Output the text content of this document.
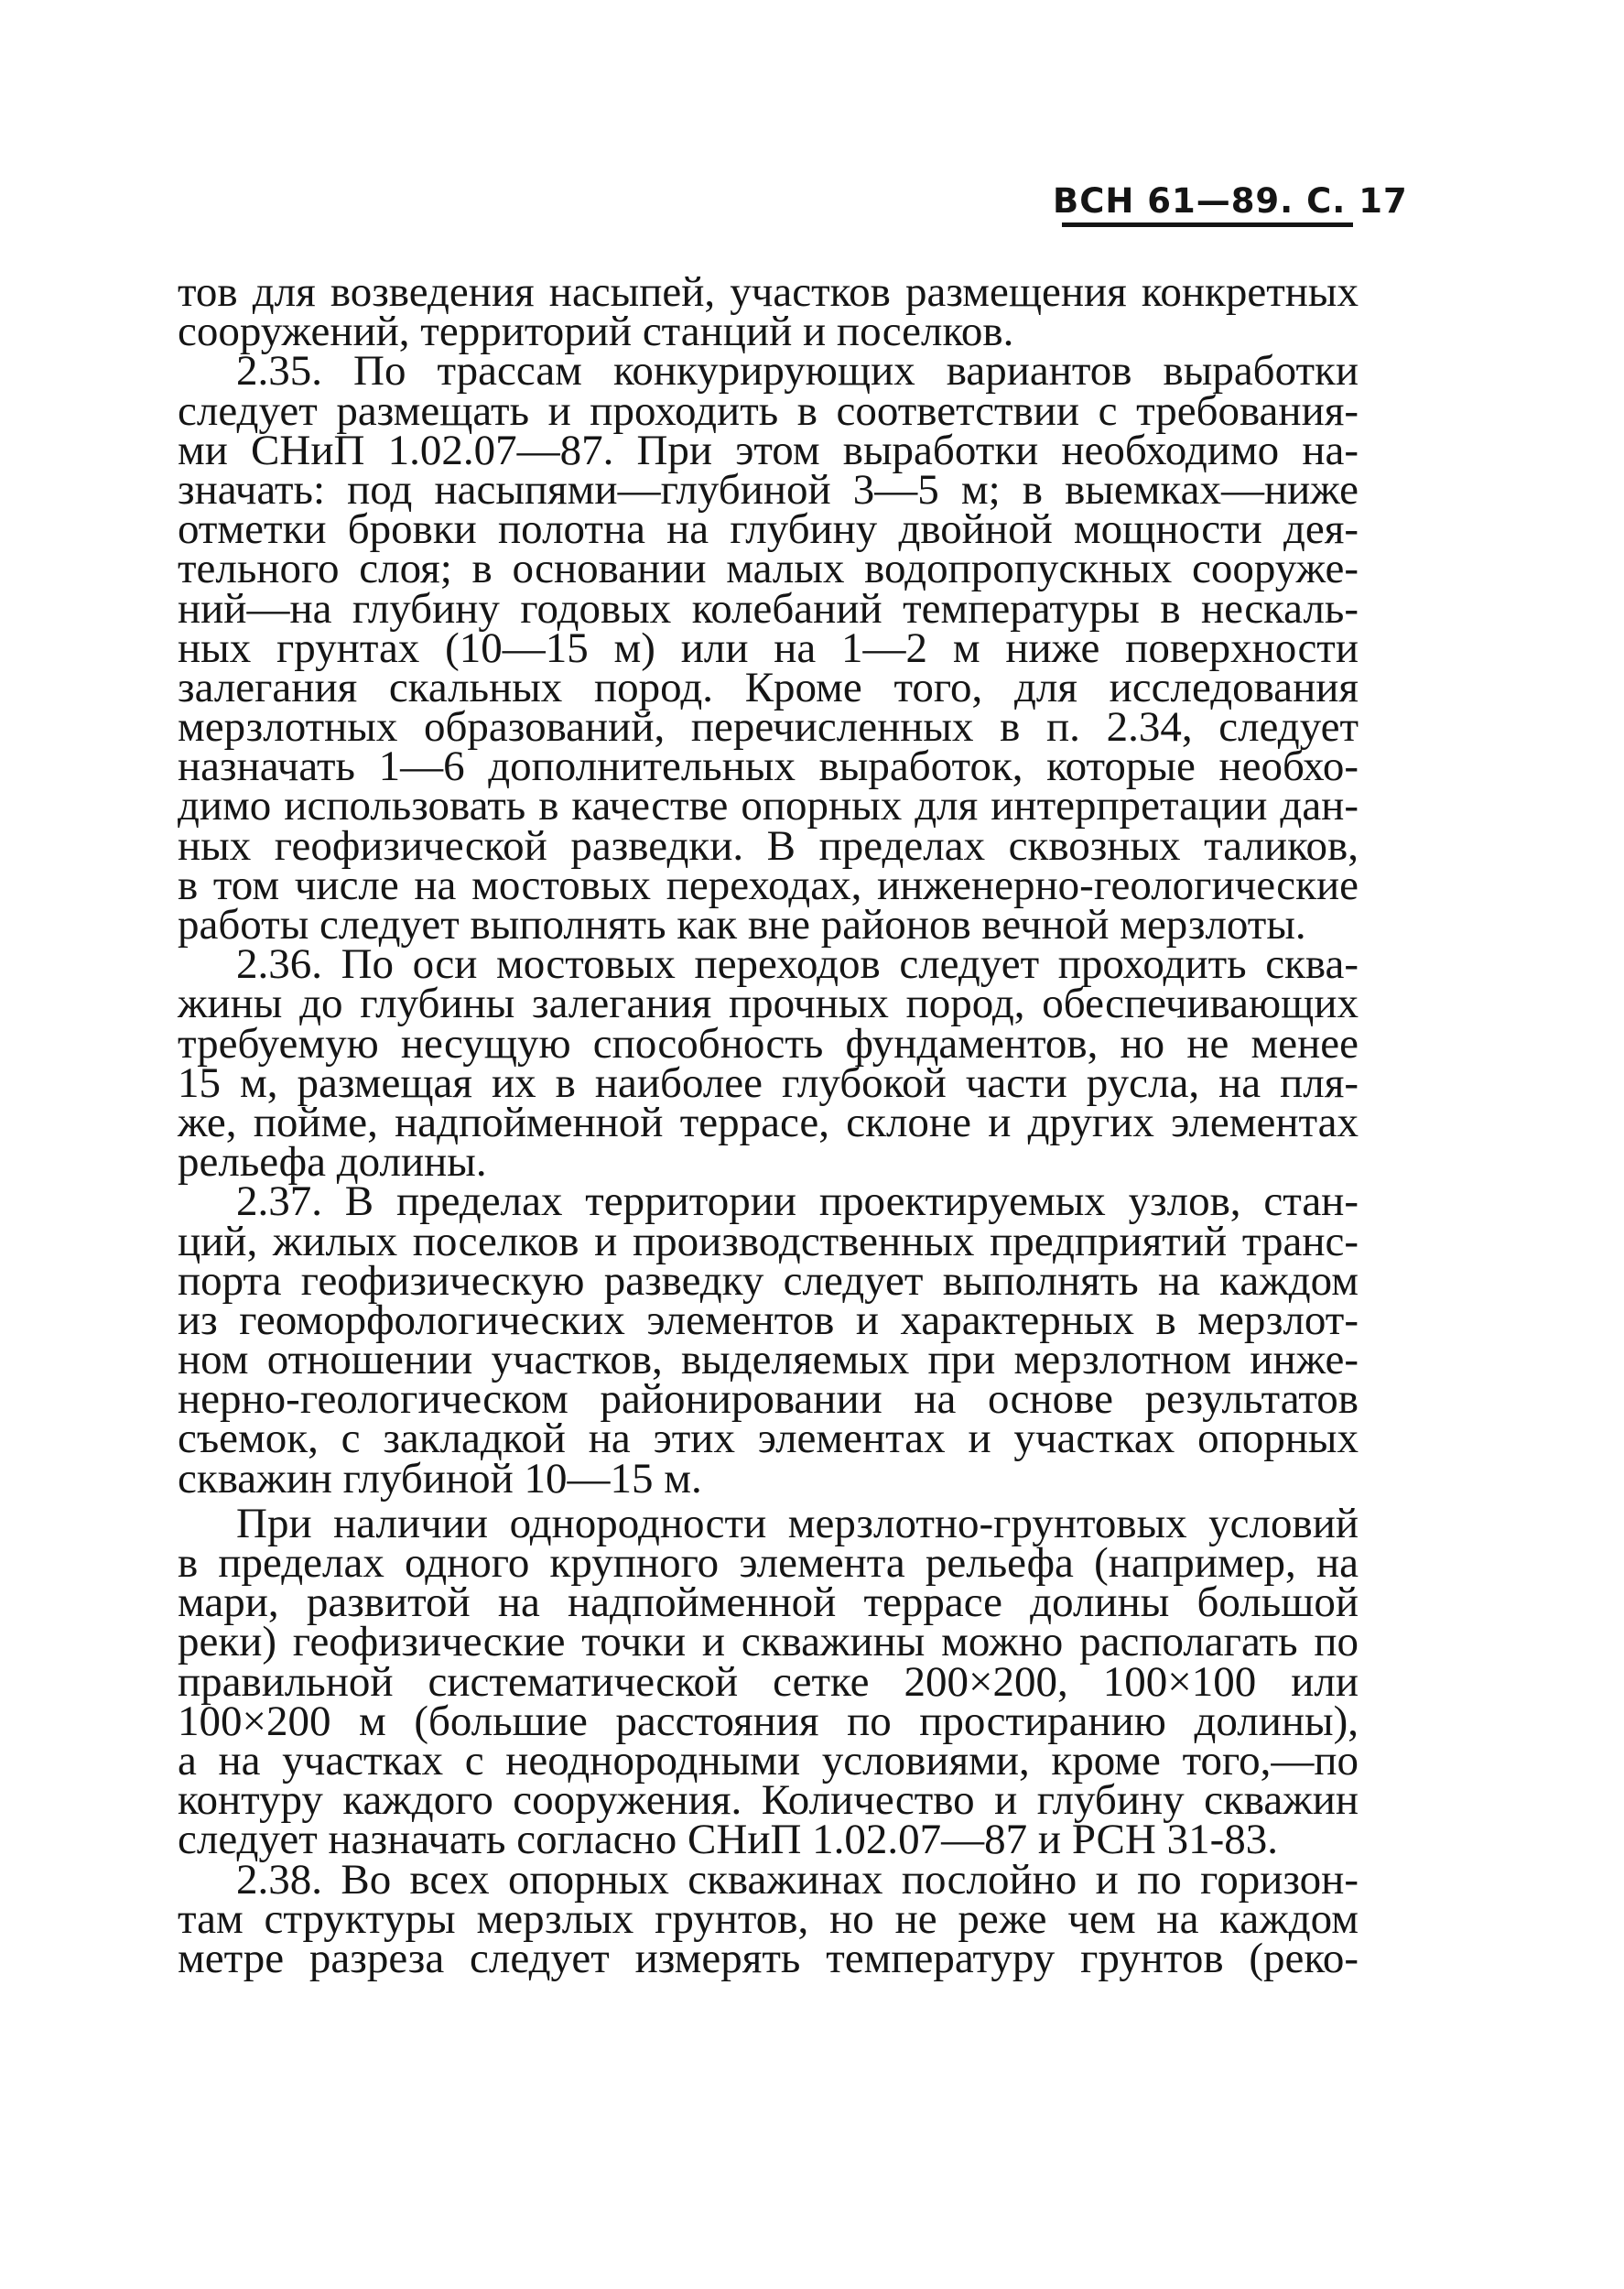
ВСН 61—89. С. 17
тов для возведения насыпей, участков размещения конкретных
сооружений, территорий станций и поселков.
2.35. По трассам конкурирующих вариантов выработки
следует размещать и проходить в соответствии с требования-
ми СНиП 1.02.07—87. При этом выработки необходимо на-
значать: под насыпями—глубиной 3—5 м; в выемках—ниже
отметки бровки полотна на глубину двойной мощности дея-
тельного слоя; в основании малых водопропускных сооруже-
ний—на глубину годовых колебаний температуры в нескаль-
ных грунтах (10—15 м) или на 1—2 м ниже поверхности
залегания скальных пород. Кроме того, для исследования
мерзлотных образований, перечисленных в п. 2.34, следует
назначать 1—6 дополнительных выработок, которые необхо-
димо использовать в качестве опорных для интерпретации дан-
ных геофизической разведки. В пределах сквозных таликов,
в том числе на мостовых переходах, инженерно-геологические
работы следует выполнять как вне районов вечной мерзлоты.
2.36. По оси мостовых переходов следует проходить сква-
жины до глубины залегания прочных пород, обеспечивающих
требуемую несущую способность фундаментов, но не менее
15 м, размещая их в наиболее глубокой части русла, на пля-
же, пойме, надпойменной террасе, склоне и других элементах
рельефа долины.
2.37. В пределах территории проектируемых узлов, стан-
ций, жилых поселков и производственных предприятий транс-
порта геофизическую разведку следует выполнять на каждом
из геоморфологических элементов и характерных в мерзлот-
ном отношении участков, выделяемых при мерзлотном инже-
нерно-геологическом районировании на основе результатов
съемок, с закладкой на этих элементах и участках опорных
скважин глубиной 10—15 м.
При наличии однородности мерзлотно-грунтовых условий
в пределах одного крупного элемента рельефа (например, на
мари, развитой на надпойменной террасе долины большой
реки) геофизические точки и скважины можно располагать по
правильной систематической сетке 200×200, 100×100 или
100×200 м (большие расстояния по простиранию долины),
а на участках с неоднородными условиями, кроме того,—по
контуру каждого сооружения. Количество и глубину скважин
следует назначать согласно СНиП 1.02.07—87 и РСН 31-83.
2.38. Во всех опорных скважинах послойно и по горизон-
там структуры мерзлых грунтов, но не реже чем на каждом
метре разреза следует измерять температуру грунтов (реко-
